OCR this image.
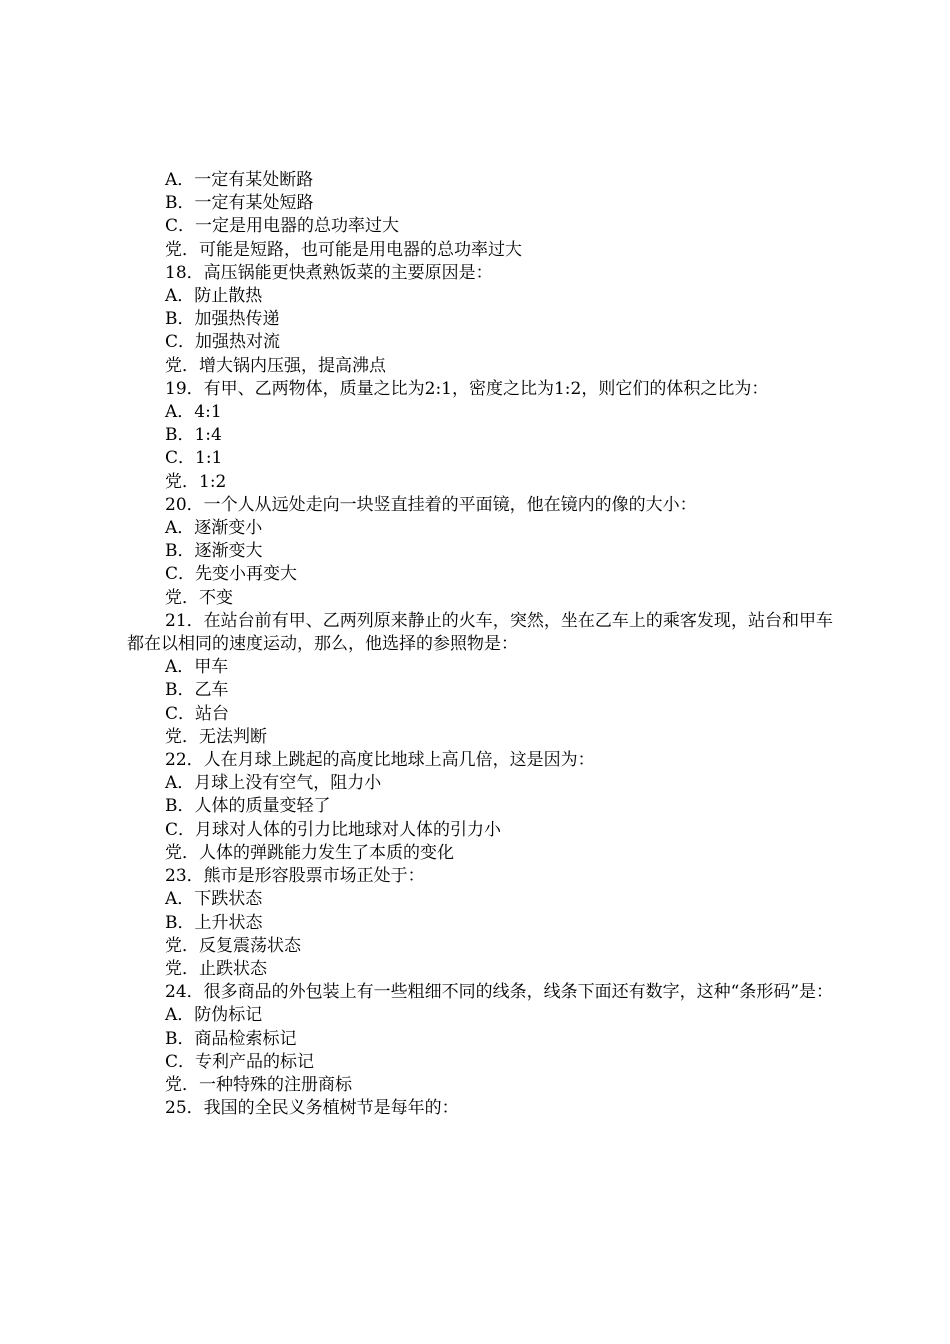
A．一定有某处断路

B．一定有某处短路

C．一定是用电器的总功率过大

党．可能是短路，也可能是用电器的总功率过大

18．高压锅能更快煮熟饭菜的主要原因是：

A．防止散热

B．加强热传递

C．加强热对流

党．增大锅内压强，提高沸点

19．有甲、乙两物体，质量之比为2:1，密度之比为1:2，则它们的体积之比为：

A．4:1

B．1:4

C．1:1

党．1:2

20．一个人从远处走向一块竖直挂着的平面镜，他在镜内的像的大小：

A．逐渐变小

B．逐渐变大

C．先变小再变大

党．不变

21．在站台前有甲、乙两列原来静止的火车，突然，坐在乙车上的乘客发现，站台和甲车都在以相同的速度运动，那么，他选择的参照物是：

A．甲车

B．乙车

C．站台

党．无法判断

22．人在月球上跳起的高度比地球上高几倍，这是因为：

A．月球上没有空气，阻力小

B．人体的质量变轻了

C．月球对人体的引力比地球对人体的引力小

党．人体的弹跳能力发生了本质的变化

23．熊市是形容股票市场正处于：

A．下跌状态

B．上升状态

党．反复震荡状态

党．止跌状态

24．很多商品的外包装上有一些粗细不同的线条，线条下面还有数字，这种“条形码”是：

A．防伪标记

B．商品检索标记

C．专利产品的标记

党．一种特殊的注册商标

25．我国的全民义务植树节是每年的：
